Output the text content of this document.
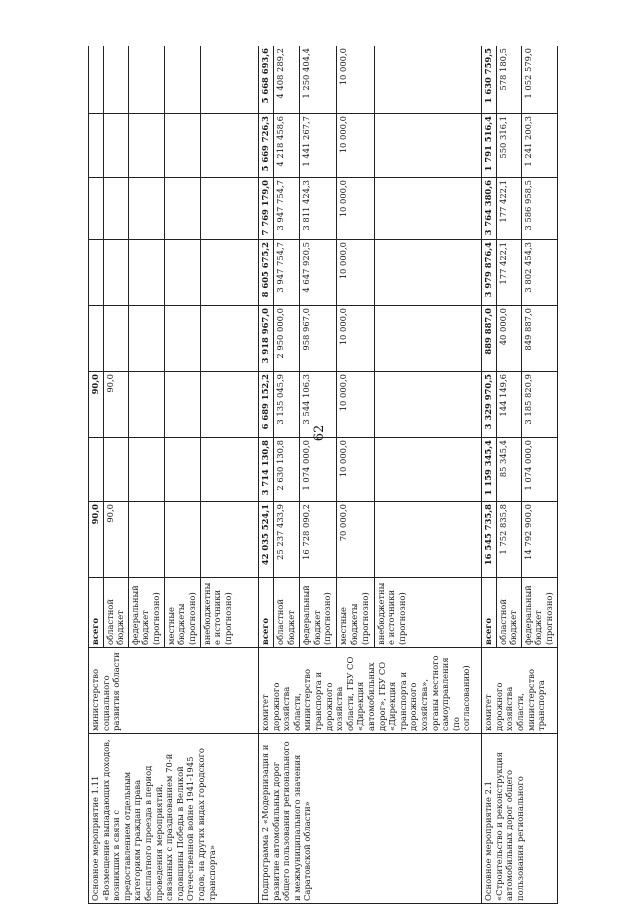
62
Основное мероприятие 1.11 «Возмещение выпадающих доходов, возникших в связи с предоставлением отдельным категориям граждан права бесплатного проезда в период проведения мероприятий, связанных с празднованием 70-й годовщины Победы в Великой Отечественной войне 1941-1945 годов, на других видах городского транспорта»	министерство социального развития области	всего	90,0		90,0					
		областной бюджет	90,0		90,0					
		федеральный бюджет (прогнозно)								
		местные бюджеты (прогнозно)								
		внебюджетные источники (прогнозно)								
Подпрограмма 2 «Модернизация и развитие автомобильных дорог общего пользования регионального и межмуниципального значения Саратовской области»	комитет дорожного хозяйства области, министерство транспорта и дорожного хозяйства области, ГБУ СО «Дирекция автомобильных дорог», ГБУ СО «Дирекция транспорта и дорожного хозяйства», органы местного самоуправления (по согласованию)	всего	42 035 524,1	3 714 130,8	6 689 152,2	3 918 967,0	8 605 675,2	7 769 179,0	5 669 726,3	5 668 693,6
		областной бюджет	25 237 433,9	2 630 130,8	3 135 045,9	2 950 000,0	3 947 754,7	3 947 754,7	4 218 458,6	4 408 289,2
		федеральный бюджет (прогнозно)	16 728 090,2	1 074 000,0	3 544 106,3	958 967,0	4 647 920,5	3 811 424,3	1 441 267,7	1 250 404,4
		местные бюджеты (прогнозно)	70 000,0	10 000,0	10 000,0	10 000,0	10 000,0	10 000,0	10 000,0	10 000,0
		внебюджетные источники (прогнозно)								
Основное мероприятие 2.1 «Строительство и реконструкция автомобильных дорог общего пользования регионального	комитет дорожного хозяйства области, министерство транспорта	всего	16 545 735,8	1 159 345,4	3 329 970,5	889 887,0	3 979 876,4	3 764 380,6	1 791 516,4	1 630 759,5
		областной бюджет	1 752 835,8	85 345,4	144 149,6	40 000,0	177 422,1	177 422,1	550 316,1	578 180,5
		федеральный бюджет (прогнозно)	14 792 900,0	1 074 000,0	3 185 820,9	849 887,0	3 802 454,3	3 586 958,5	1 241 200,3	1 052 579,0
